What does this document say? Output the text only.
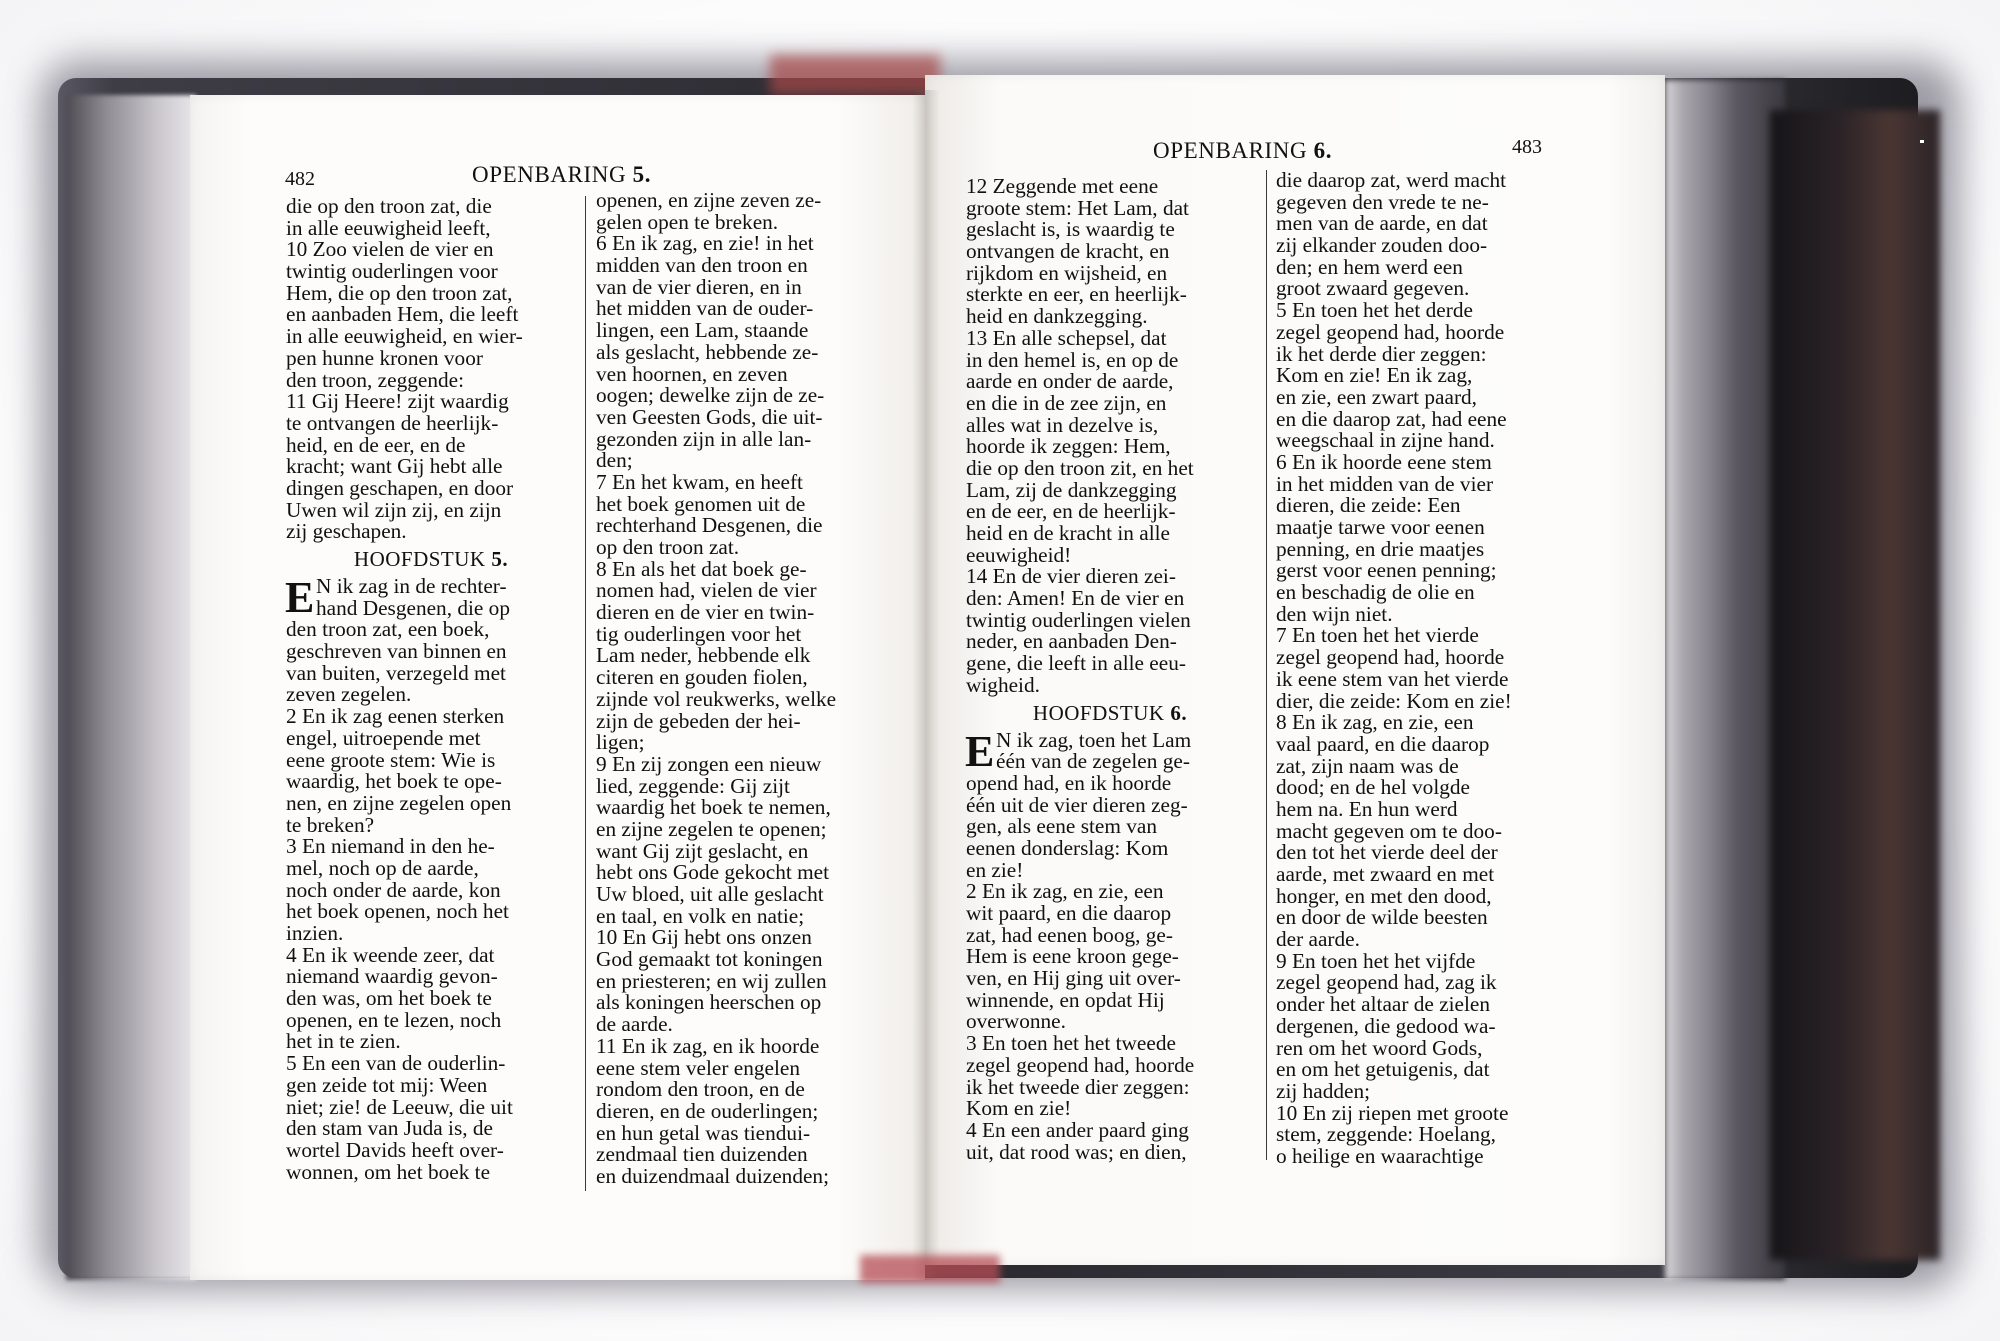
482	OPENBARING 5.
die op den troon zat, die
in alle eeuwigheid leeft,
10 Zoo vielen de vier en
twintig ouderlingen voor
Hem, die op den troon zat,
en aanbaden Hem, die leeft
in alle eeuwigheid, en wier-
pen hunne kronen voor
den troon, zeggende:
11 Gij Heere! zijt waardig
te ontvangen de heerlijk-
heid, en de eer, en de
kracht; want Gij hebt alle
dingen geschapen, en door
Uwen wil zijn zij, en zijn
zij geschapen.
HOOFDSTUK 5.
E N ik zag in de rechter-
hand Desgenen, die op
den troon zat, een boek,
geschreven van binnen en
van buiten, verzegeld met
zeven zegelen.
2 En ik zag eenen sterken
engel, uitroepende met
eene groote stem: Wie is
waardig, het boek te ope-
nen, en zijne zegelen open
te breken?
3 En niemand in den he-
mel, noch op de aarde,
noch onder de aarde, kon
het boek openen, noch het
inzien.
4 En ik weende zeer, dat
niemand waardig gevon-
den was, om het boek te
openen, en te lezen, noch
het in te zien.
5 En een van de ouderlin-
gen zeide tot mij: Ween
niet; zie! de Leeuw, die uit
den stam van Juda is, de
wortel Davids heeft over-
wonnen, om het boek te
openen, en zijne zeven ze-
gelen open te breken.
6 En ik zag, en zie! in het
midden van den troon en
van de vier dieren, en in
het midden van de ouder-
lingen, een Lam, staande
als geslacht, hebbende ze-
ven hoornen, en zeven
oogen; dewelke zijn de ze-
ven Geesten Gods, die uit-
gezonden zijn in alle lan-
den;
7 En het kwam, en heeft
het boek genomen uit de
rechterhand Desgenen, die
op den troon zat.
8 En als het dat boek ge-
nomen had, vielen de vier
dieren en de vier en twin-
tig ouderlingen voor het
Lam neder, hebbende elk
citeren en gouden fiolen,
zijnde vol reukwerks, welke
zijn de gebeden der hei-
ligen;
9 En zij zongen een nieuw
lied, zeggende: Gij zijt
waardig het boek te nemen,
en zijne zegelen te openen;
want Gij zijt geslacht, en
hebt ons Gode gekocht met
Uw bloed, uit alle geslacht
en taal, en volk en natie;
10 En Gij hebt ons onzen
God gemaakt tot koningen
en priesteren; en wij zullen
als koningen heerschen op
de aarde.
11 En ik zag, en ik hoorde
eene stem veler engelen
rondom den troon, en de
dieren, en de ouderlingen;
en hun getal was tiendui-
zendmaal tien duizenden
en duizendmaal duizenden;
OPENBARING 6.	483
12 Zeggende met eene
groote stem: Het Lam, dat
geslacht is, is waardig te
ontvangen de kracht, en
rijkdom en wijsheid, en
sterkte en eer, en heerlijk-
heid en dankzegging.
13 En alle schepsel, dat
in den hemel is, en op de
aarde en onder de aarde,
en die in de zee zijn, en
alles wat in dezelve is,
hoorde ik zeggen: Hem,
die op den troon zit, en het
Lam, zij de dankzegging
en de eer, en de heerlijk-
heid en de kracht in alle
eeuwigheid!
14 En de vier dieren zei-
den: Amen! En de vier en
twintig ouderlingen vielen
neder, en aanbaden Den-
gene, die leeft in alle eeu-
wigheid.
HOOFDSTUK 6.
E N ik zag, toen het Lam
één van de zegelen ge-
opend had, en ik hoorde
één uit de vier dieren zeg-
gen, als eene stem van
eenen donderslag: Kom
en zie!
2 En ik zag, en zie, een
wit paard, en die daarop
zat, had eenen boog, ge-
Hem is eene kroon gege-
ven, en Hij ging uit over-
winnende, en opdat Hij
overwonne.
3 En toen het het tweede
zegel geopend had, hoorde
ik het tweede dier zeggen:
Kom en zie!
4 En een ander paard ging
uit, dat rood was; en dien,
die daarop zat, werd macht
gegeven den vrede te ne-
men van de aarde, en dat
zij elkander zouden doo-
den; en hem werd een
groot zwaard gegeven.
5 En toen het het derde
zegel geopend had, hoorde
ik het derde dier zeggen:
Kom en zie! En ik zag,
en zie, een zwart paard,
en die daarop zat, had eene
weegschaal in zijne hand.
6 En ik hoorde eene stem
in het midden van de vier
dieren, die zeide: Een
maatje tarwe voor eenen
penning, en drie maatjes
gerst voor eenen penning;
en beschadig de olie en
den wijn niet.
7 En toen het het vierde
zegel geopend had, hoorde
ik eene stem van het vierde
dier, die zeide: Kom en zie!
8 En ik zag, en zie, een
vaal paard, en die daarop
zat, zijn naam was de
dood; en de hel volgde
hem na. En hun werd
macht gegeven om te doo-
den tot het vierde deel der
aarde, met zwaard en met
honger, en met den dood,
en door de wilde beesten
der aarde.
9 En toen het het vijfde
zegel geopend had, zag ik
onder het altaar de zielen
dergenen, die gedood wa-
ren om het woord Gods,
en om het getuigenis, dat
zij hadden;
10 En zij riepen met groote
stem, zeggende: Hoelang,
o heilige en waarachtige
